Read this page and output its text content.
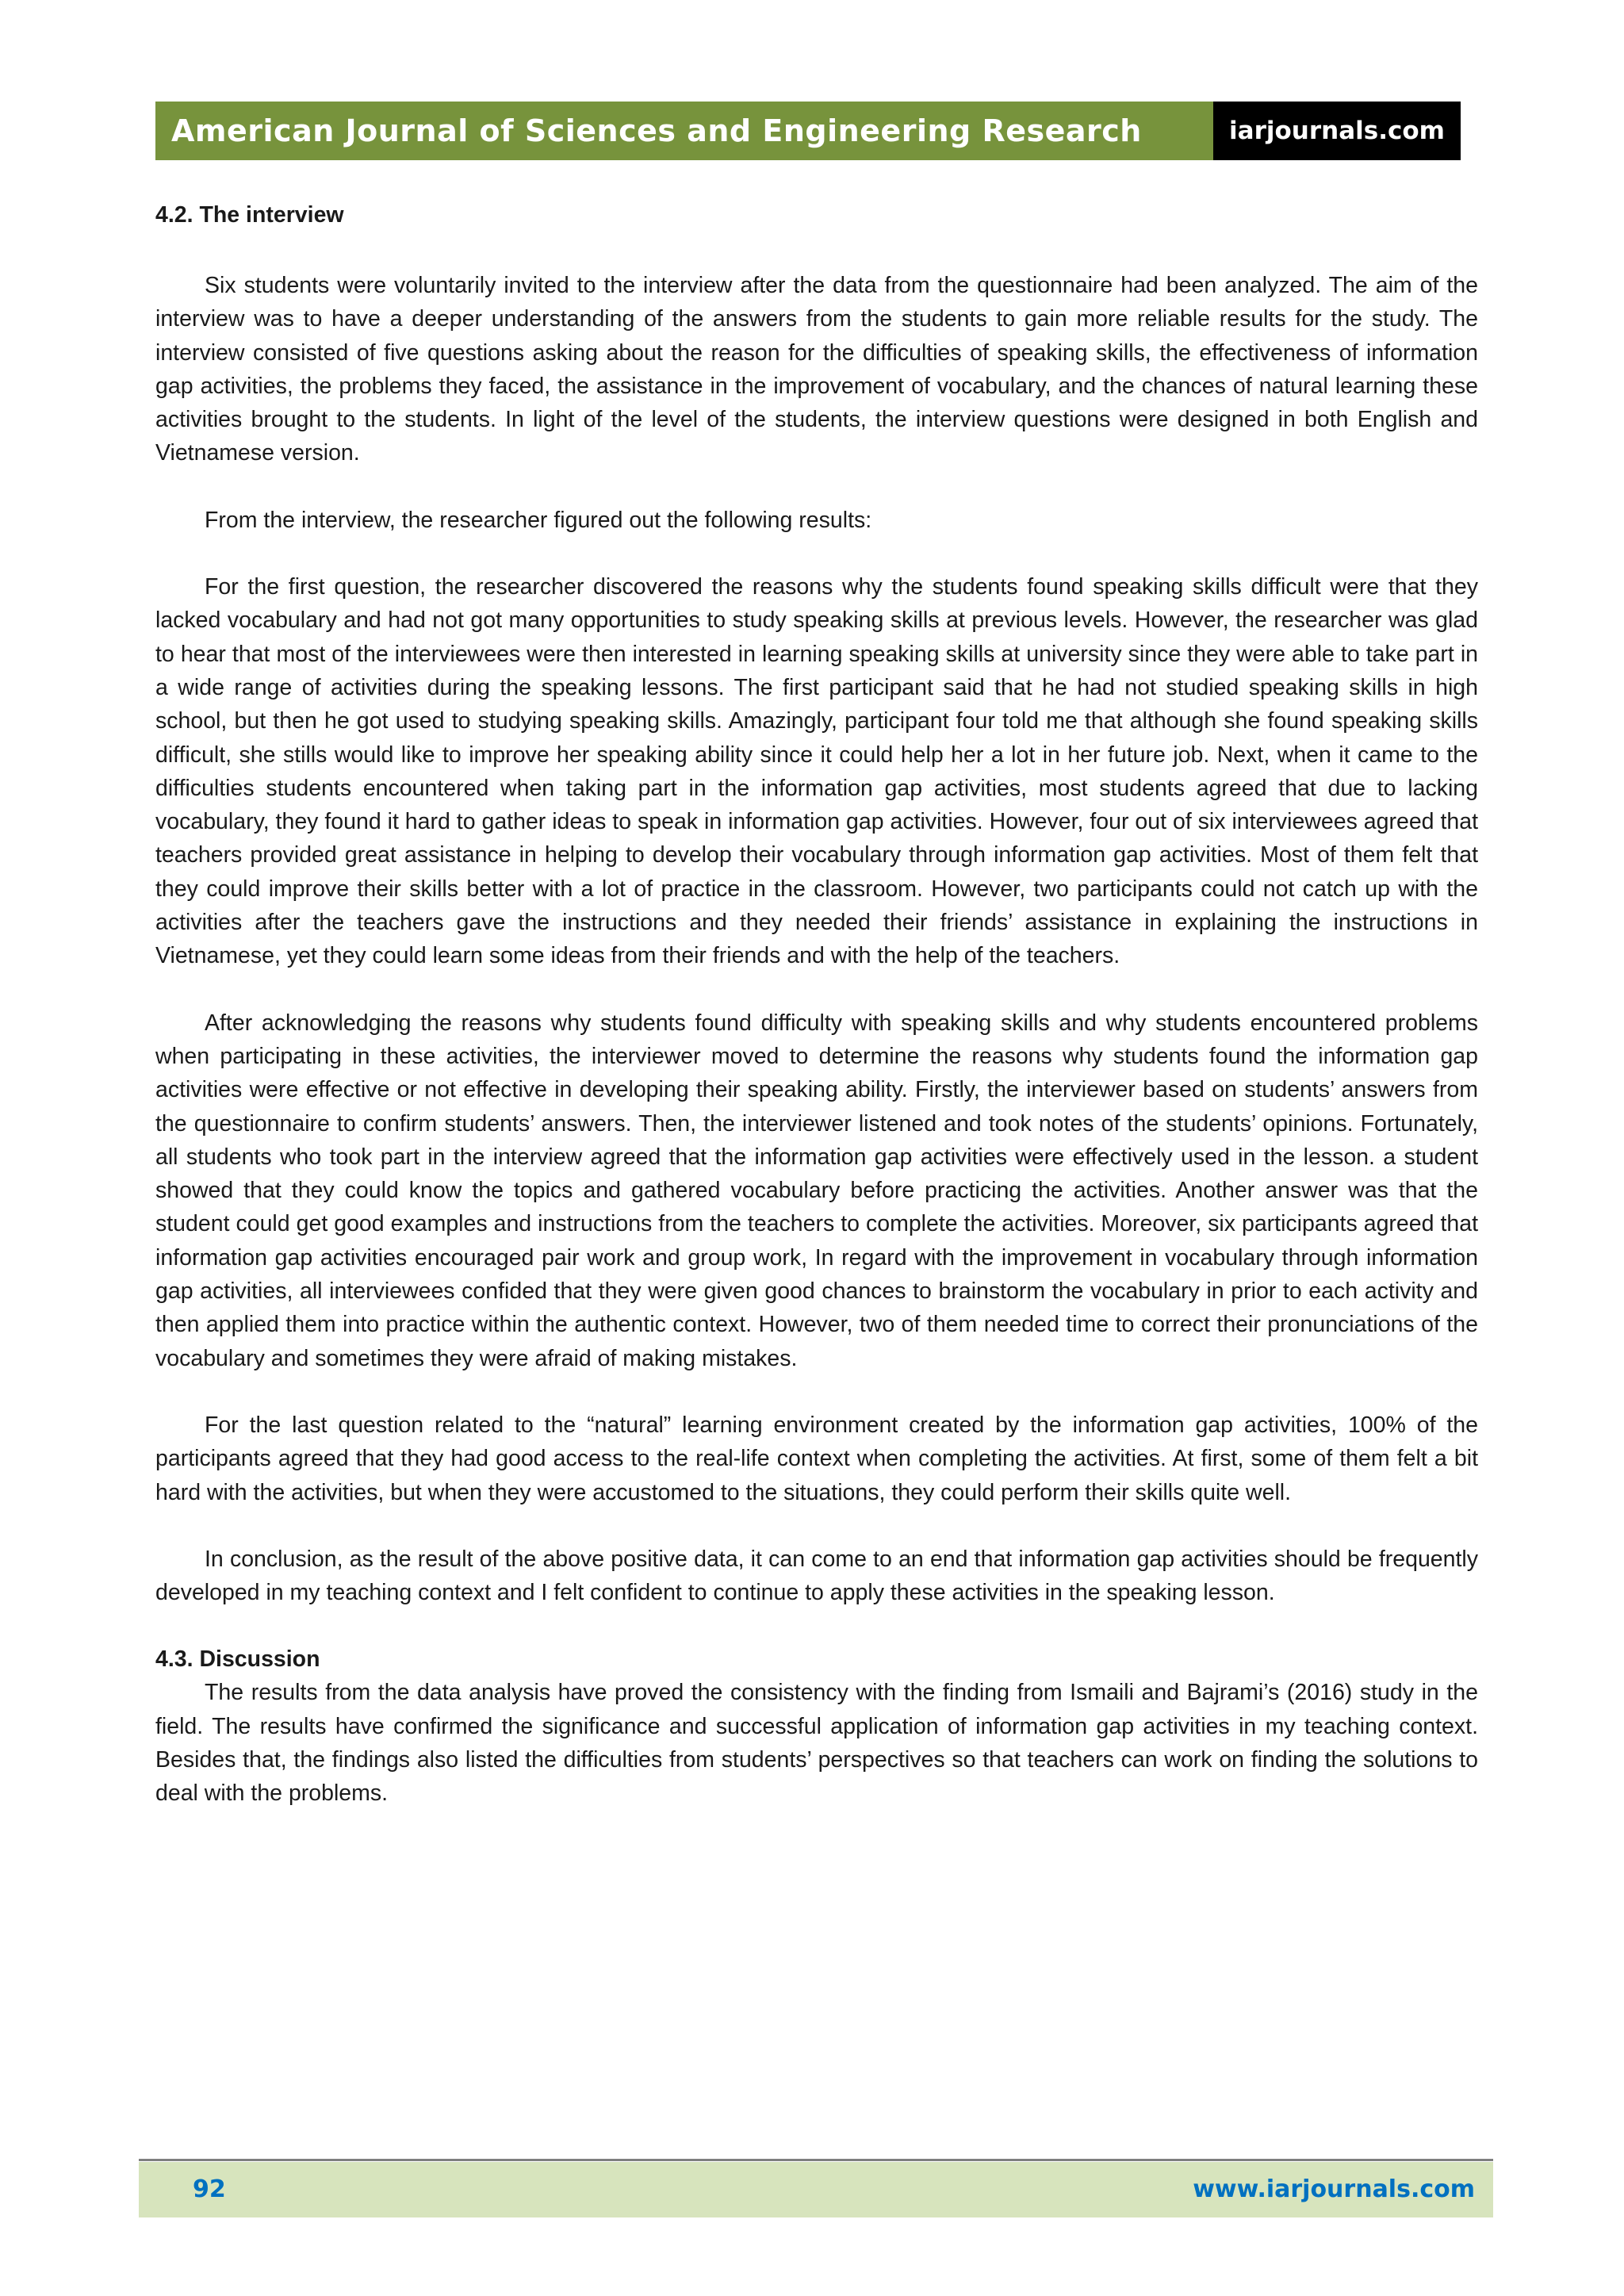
American Journal of Sciences and Engineering Research	iarjournals.com
4.2. The interview

Six students were voluntarily invited to the interview after the data from the questionnaire had been analyzed. The aim of the interview was to have a deeper understanding of the answers from the students to gain more reliable results for the study. The interview consisted of five questions asking about the reason for the difficulties of speaking skills, the effectiveness of information gap activities, the problems they faced, the assistance in the improvement of vocabulary, and the chances of natural learning these activities brought to the students. In light of the level of the students, the interview questions were designed in both English and Vietnamese version.

From the interview, the researcher figured out the following results:

For the first question, the researcher discovered the reasons why the students found speaking skills difficult were that they lacked vocabulary and had not got many opportunities to study speaking skills at previous levels. However, the researcher was glad to hear that most of the interviewees were then interested in learning speaking skills at university since they were able to take part in a wide range of activities during the speaking lessons. The first participant said that he had not studied speaking skills in high school, but then he got used to studying speaking skills. Amazingly, participant four told me that although she found speaking skills difficult, she stills would like to improve her speaking ability since it could help her a lot in her future job. Next, when it came to the difficulties students encountered when taking part in the information gap activities, most students agreed that due to lacking vocabulary, they found it hard to gather ideas to speak in information gap activities. However, four out of six interviewees agreed that teachers provided great assistance in helping to develop their vocabulary through information gap activities. Most of them felt that they could improve their skills better with a lot of practice in the classroom. However, two participants could not catch up with the activities after the teachers gave the instructions and they needed their friends’ assistance in explaining the instructions in Vietnamese, yet they could learn some ideas from their friends and with the help of the teachers.

After acknowledging the reasons why students found difficulty with speaking skills and why students encountered problems when participating in these activities, the interviewer moved to determine the reasons why students found the information gap activities were effective or not effective in developing their speaking ability. Firstly, the interviewer based on students’ answers from the questionnaire to confirm students’ answers. Then, the interviewer listened and took notes of the students’ opinions. Fortunately, all students who took part in the interview agreed that the information gap activities were effectively used in the lesson. a student showed that they could know the topics and gathered vocabulary before practicing the activities. Another answer was that the student could get good examples and instructions from the teachers to complete the activities. Moreover, six participants agreed that information gap activities encouraged pair work and group work, In regard with the improvement in vocabulary through information gap activities, all interviewees confided that they were given good chances to brainstorm the vocabulary in prior to each activity and then applied them into practice within the authentic context. However, two of them needed time to correct their pronunciations of the vocabulary and sometimes they were afraid of making mistakes.

For the last question related to the “natural” learning environment created by the information gap activities, 100% of the participants agreed that they had good access to the real-life context when completing the activities. At first, some of them felt a bit hard with the activities, but when they were accustomed to the situations, they could perform their skills quite well.

In conclusion, as the result of the above positive data, it can come to an end that information gap activities should be frequently developed in my teaching context and I felt confident to continue to apply these activities in the speaking lesson.

4.3. Discussion

The results from the data analysis have proved the consistency with the finding from Ismaili and Bajrami’s (2016) study in the field. The results have confirmed the significance and successful application of information gap activities in my teaching context. Besides that, the findings also listed the difficulties from students’ perspectives so that teachers can work on finding the solutions to deal with the problems.

92	www.iarjournals.com
